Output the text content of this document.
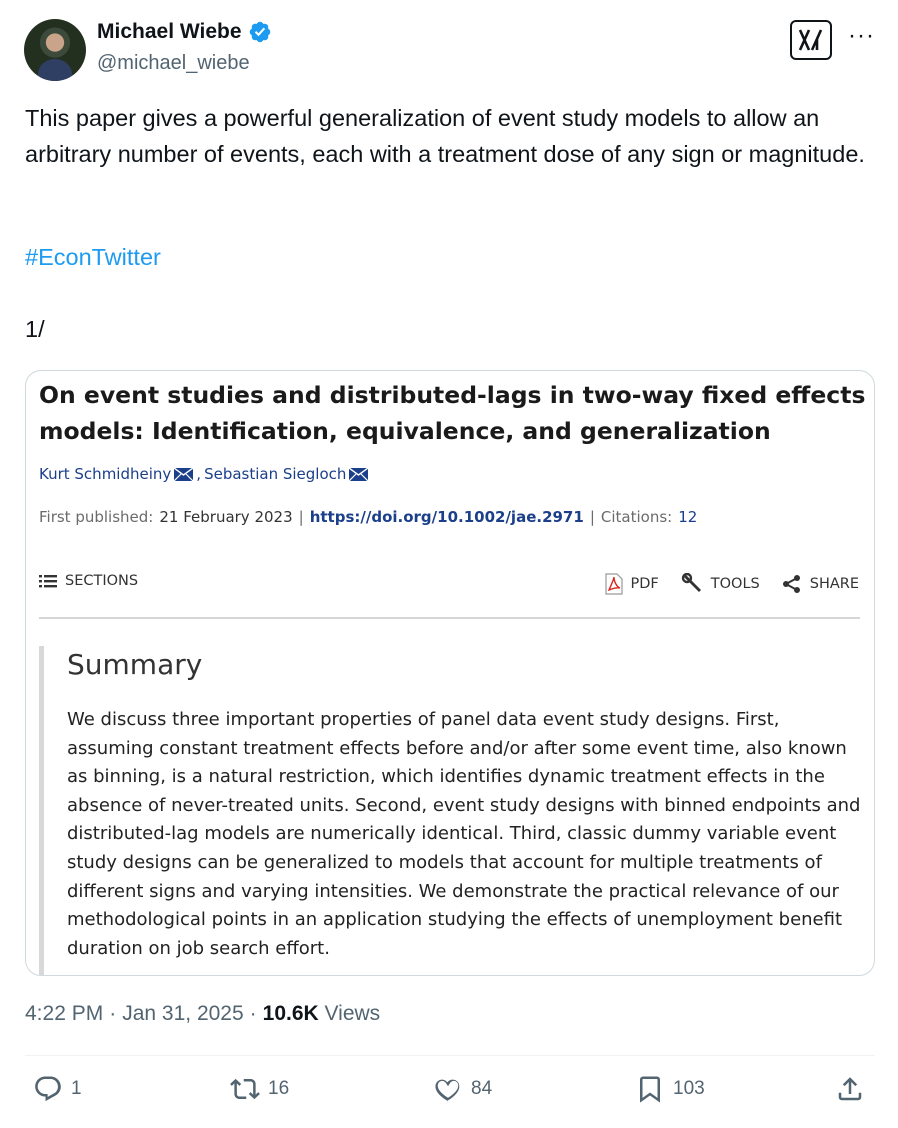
Michael Wiebe
@michael_wiebe
···
This paper gives a powerful generalization of event study models to allow an arbitrary number of events, each with a treatment dose of any sign or magnitude.
#EconTwitter
1/
On event studies and distributed-lags in two-way fixed effects models: Identification, equivalence, and generalization
Kurt Schmidheiny , Sebastian Siegloch
First published: 21 February 2023 | https://doi.org/10.1002/jae.2971 | Citations: 12
SECTIONS	PDF	TOOLS	SHARE
Summary
We discuss three important properties of panel data event study designs. First, assuming constant treatment effects before and/or after some event time, also known as binning, is a natural restriction, which identifies dynamic treatment effects in the absence of never-treated units. Second, event study designs with binned endpoints and distributed-lag models are numerically identical. Third, classic dummy variable event study designs can be generalized to models that account for multiple treatments of different signs and varying intensities. We demonstrate the practical relevance of our methodological points in an application studying the effects of unemployment benefit duration on job search effort.
4:22 PM · Jan 31, 2025 · 10.6K Views
1	16	84	103
